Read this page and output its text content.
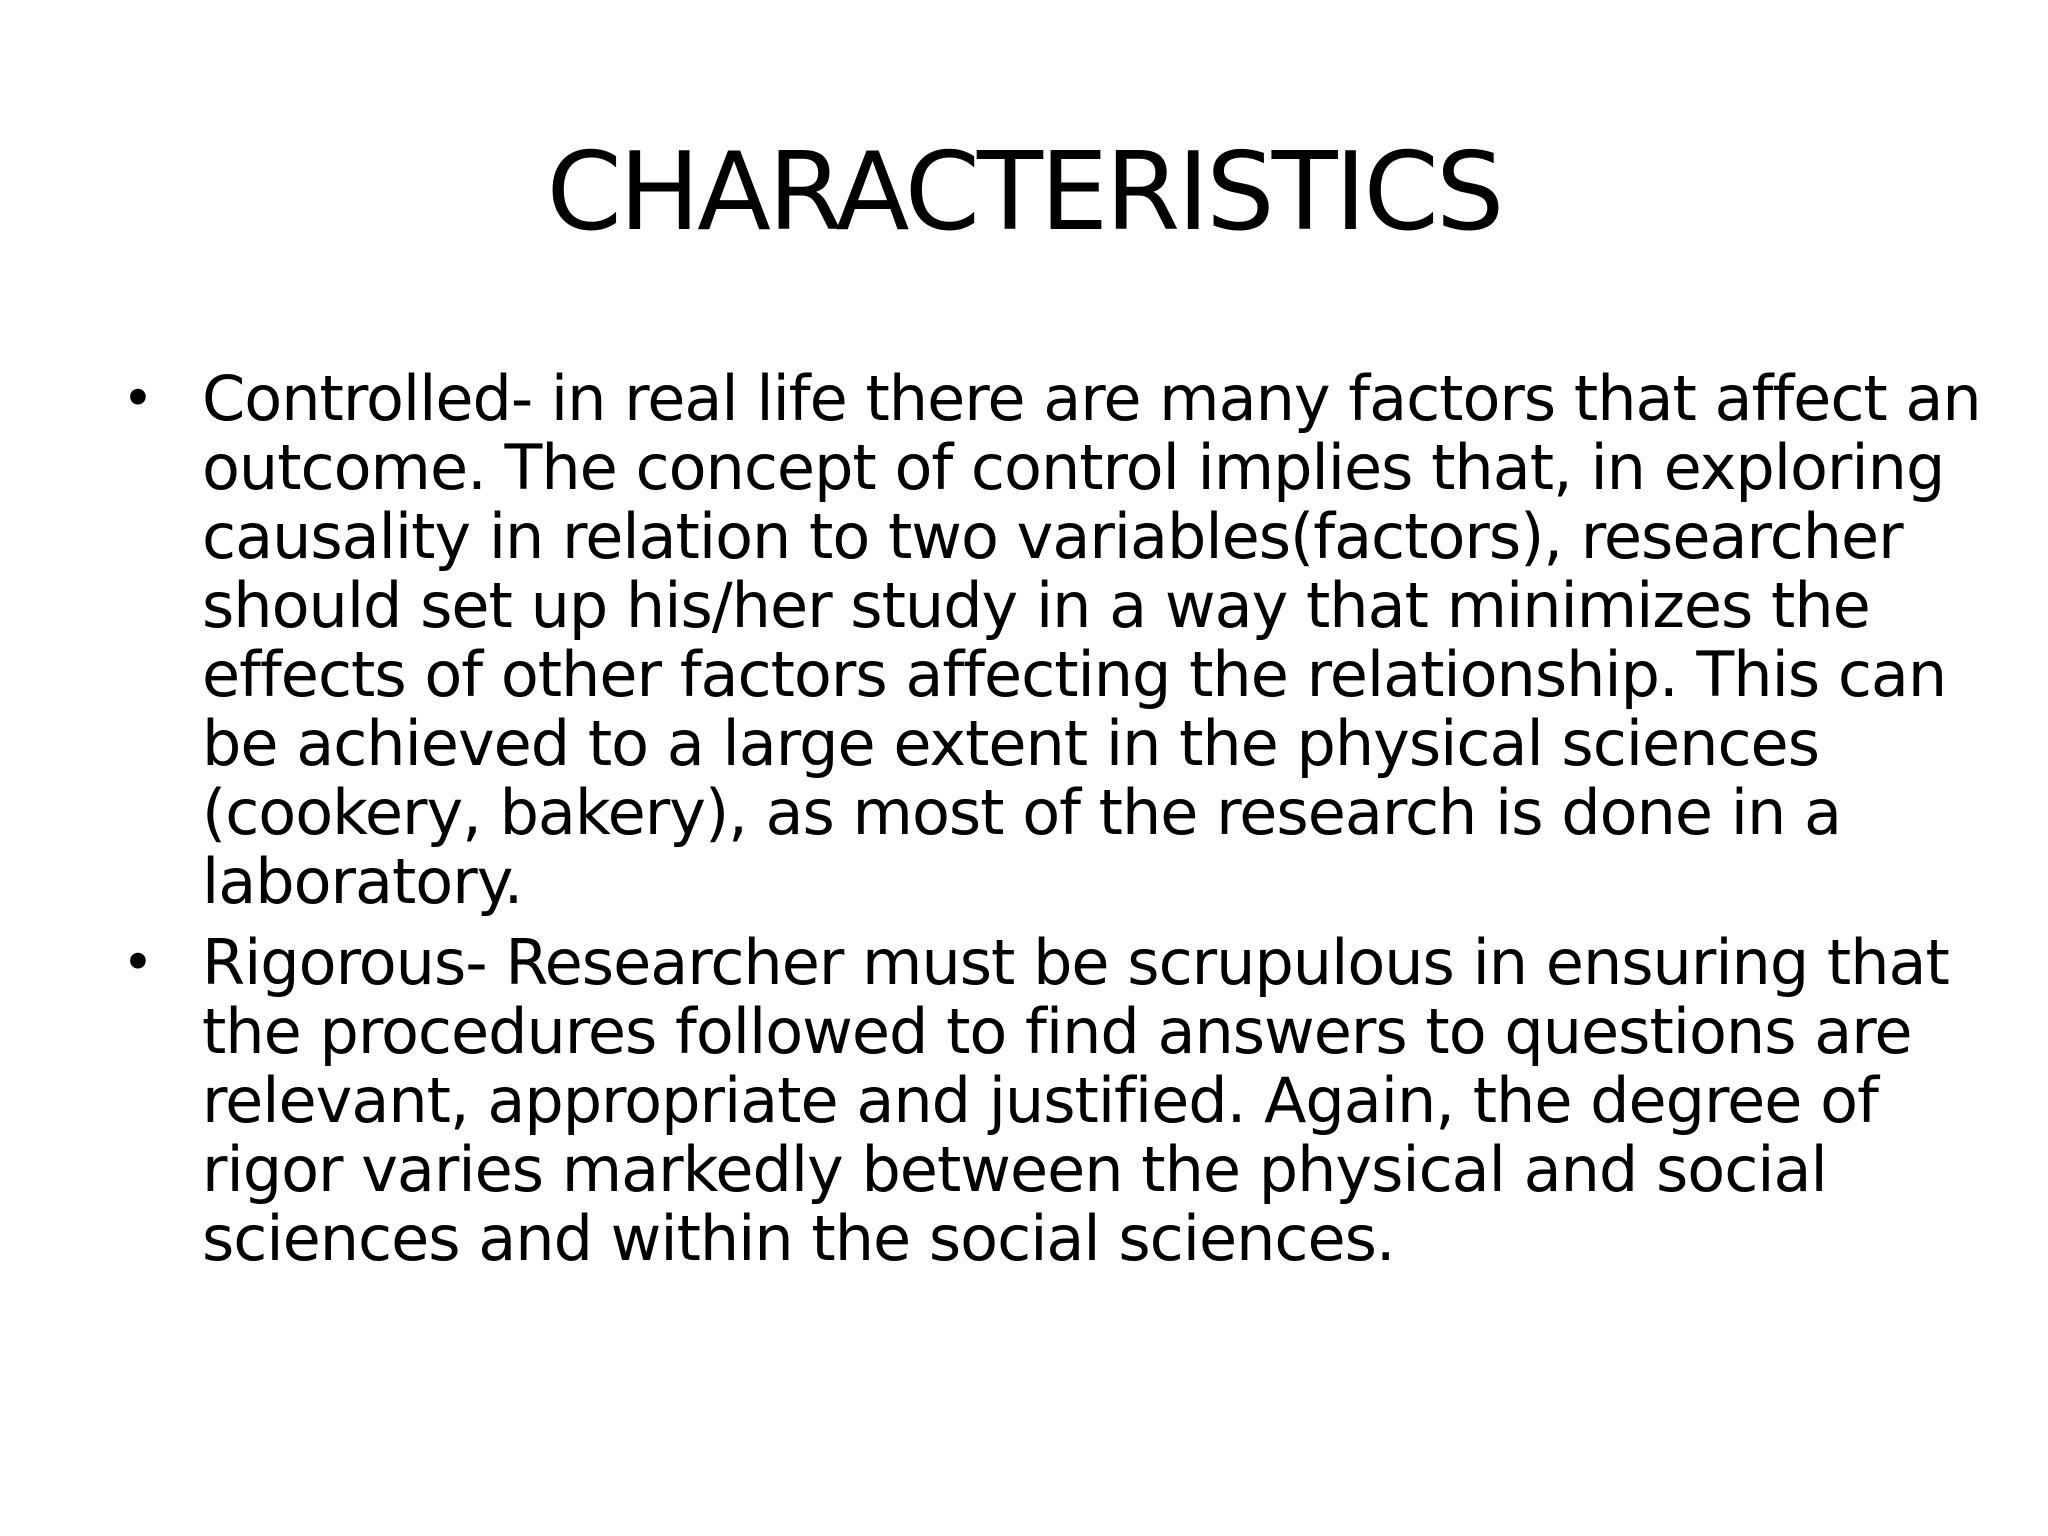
CHARACTERISTICS
• Controlled- in real life there are many factors that affect an outcome. The concept of control implies that, in exploring causality in relation to two variables(factors), researcher should set up his/her study in a way that minimizes the effects of other factors affecting the relationship. This can be achieved to a large extent in the physical sciences (cookery, bakery), as most of the research is done in a laboratory.
• Rigorous- Researcher must be scrupulous in ensuring that the procedures followed to find answers to questions are relevant, appropriate and justified. Again, the degree of rigor varies markedly between the physical and social sciences and within the social sciences.
